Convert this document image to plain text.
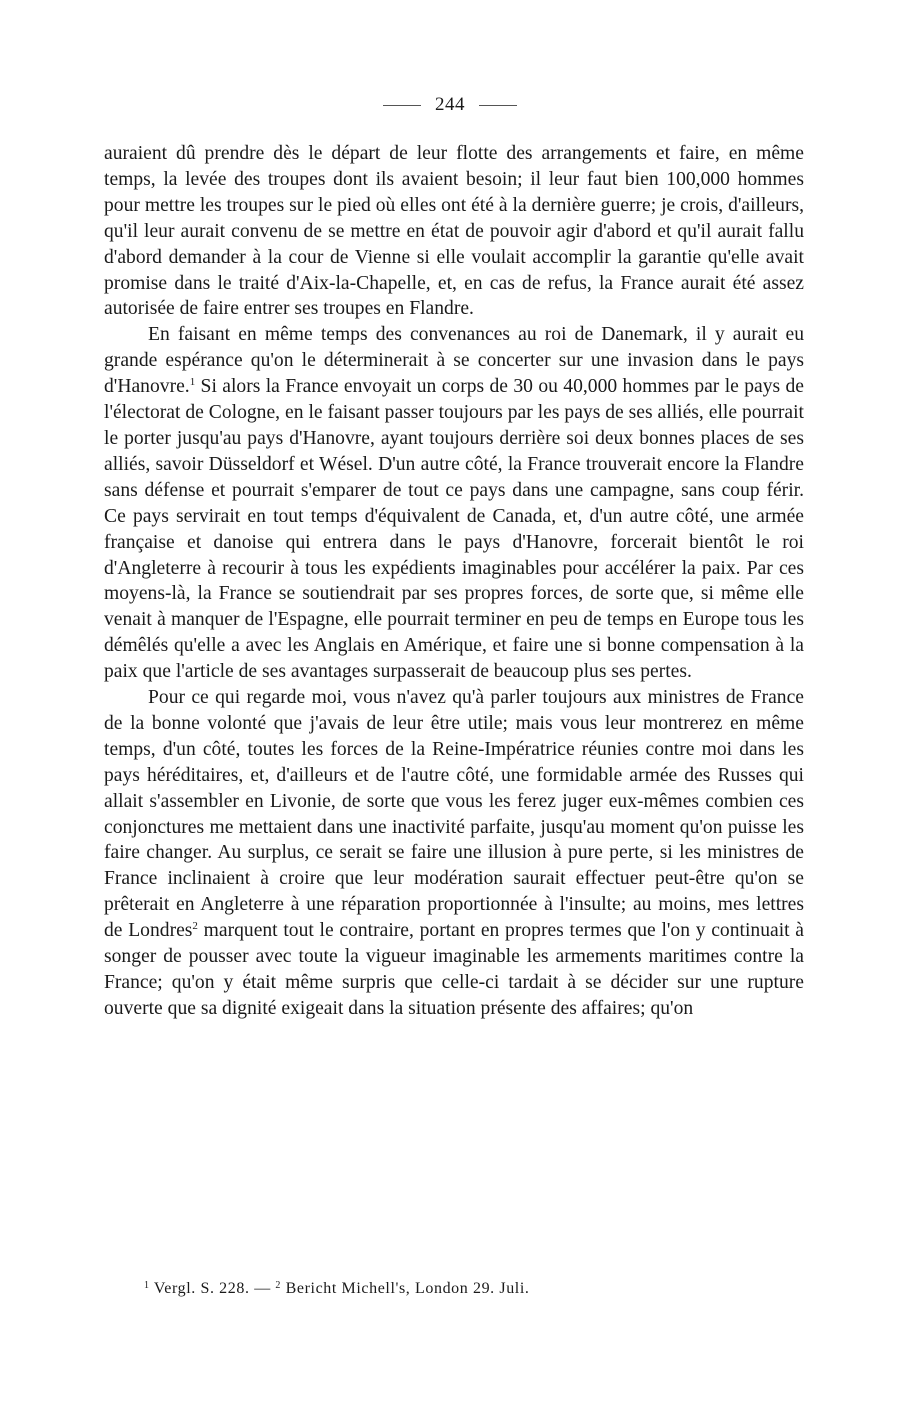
244

auraient dû prendre dès le départ de leur flotte des arrangements et faire, en même temps, la levée des troupes dont ils avaient besoin; il leur faut bien 100,000 hommes pour mettre les troupes sur le pied où elles ont été à la dernière guerre; je crois, d'ailleurs, qu'il leur aurait convenu de se mettre en état de pouvoir agir d'abord et qu'il aurait fallu d'abord demander à la cour de Vienne si elle voulait accomplir la garantie qu'elle avait promise dans le traité d'Aix-la-Chapelle, et, en cas de refus, la France aurait été assez autorisée de faire entrer ses troupes en Flandre.

En faisant en même temps des convenances au roi de Danemark, il y aurait eu grande espérance qu'on le déterminerait à se concerter sur une invasion dans le pays d'Hanovre.$^1$ Si alors la France envoyait un corps de 30 ou 40,000 hommes par le pays de l'électorat de Cologne, en le faisant passer toujours par les pays de ses alliés, elle pourrait le porter jusqu'au pays d'Hanovre, ayant toujours derrière soi deux bonnes places de ses alliés, savoir Düsseldorf et Wésel. D'un autre côté, la France trouverait encore la Flandre sans défense et pourrait s'emparer de tout ce pays dans une campagne, sans coup férir. Ce pays servirait en tout temps d'équivalent de Canada, et, d'un autre côté, une armée française et danoise qui entrera dans le pays d'Hanovre, forcerait bientôt le roi d'Angleterre à recourir à tous les expédients imaginables pour accélérer la paix. Par ces moyens-là, la France se soutiendrait par ses propres forces, de sorte que, si même elle venait à manquer de l'Espagne, elle pourrait terminer en peu de temps en Europe tous les démêlés qu'elle a avec les Anglais en Amérique, et faire une si bonne compensation à la paix que l'article de ses avantages surpasserait de beaucoup plus ses pertes.

Pour ce qui regarde moi, vous n'avez qu'à parler toujours aux ministres de France de la bonne volonté que j'avais de leur être utile; mais vous leur montrerez en même temps, d'un côté, toutes les forces de la Reine-Impératrice réunies contre moi dans les pays héréditaires, et, d'ailleurs et de l'autre côté, une formidable armée des Russes qui allait s'assembler en Livonie, de sorte que vous les ferez juger eux-mêmes combien ces conjonctures me mettaient dans une inactivité parfaite, jusqu'au moment qu'on puisse les faire changer. Au surplus, ce serait se faire une illusion à pure perte, si les ministres de France inclinaient à croire que leur modération saurait effectuer peut-être qu'on se prêterait en Angleterre à une réparation proportionnée à l'insulte; au moins, mes lettres de Londres$^2$ marquent tout le contraire, portant en propres termes que l'on y continuait à songer de pousser avec toute la vigueur imaginable les armements maritimes contre la France; qu'on y était même surpris que celle-ci tardait à se décider sur une rupture ouverte que sa dignité exigeait dans la situation présente des affaires; qu'on

$^1$ Vergl. S. 228. — $^2$ Bericht Michell's, London 29. Juli.
